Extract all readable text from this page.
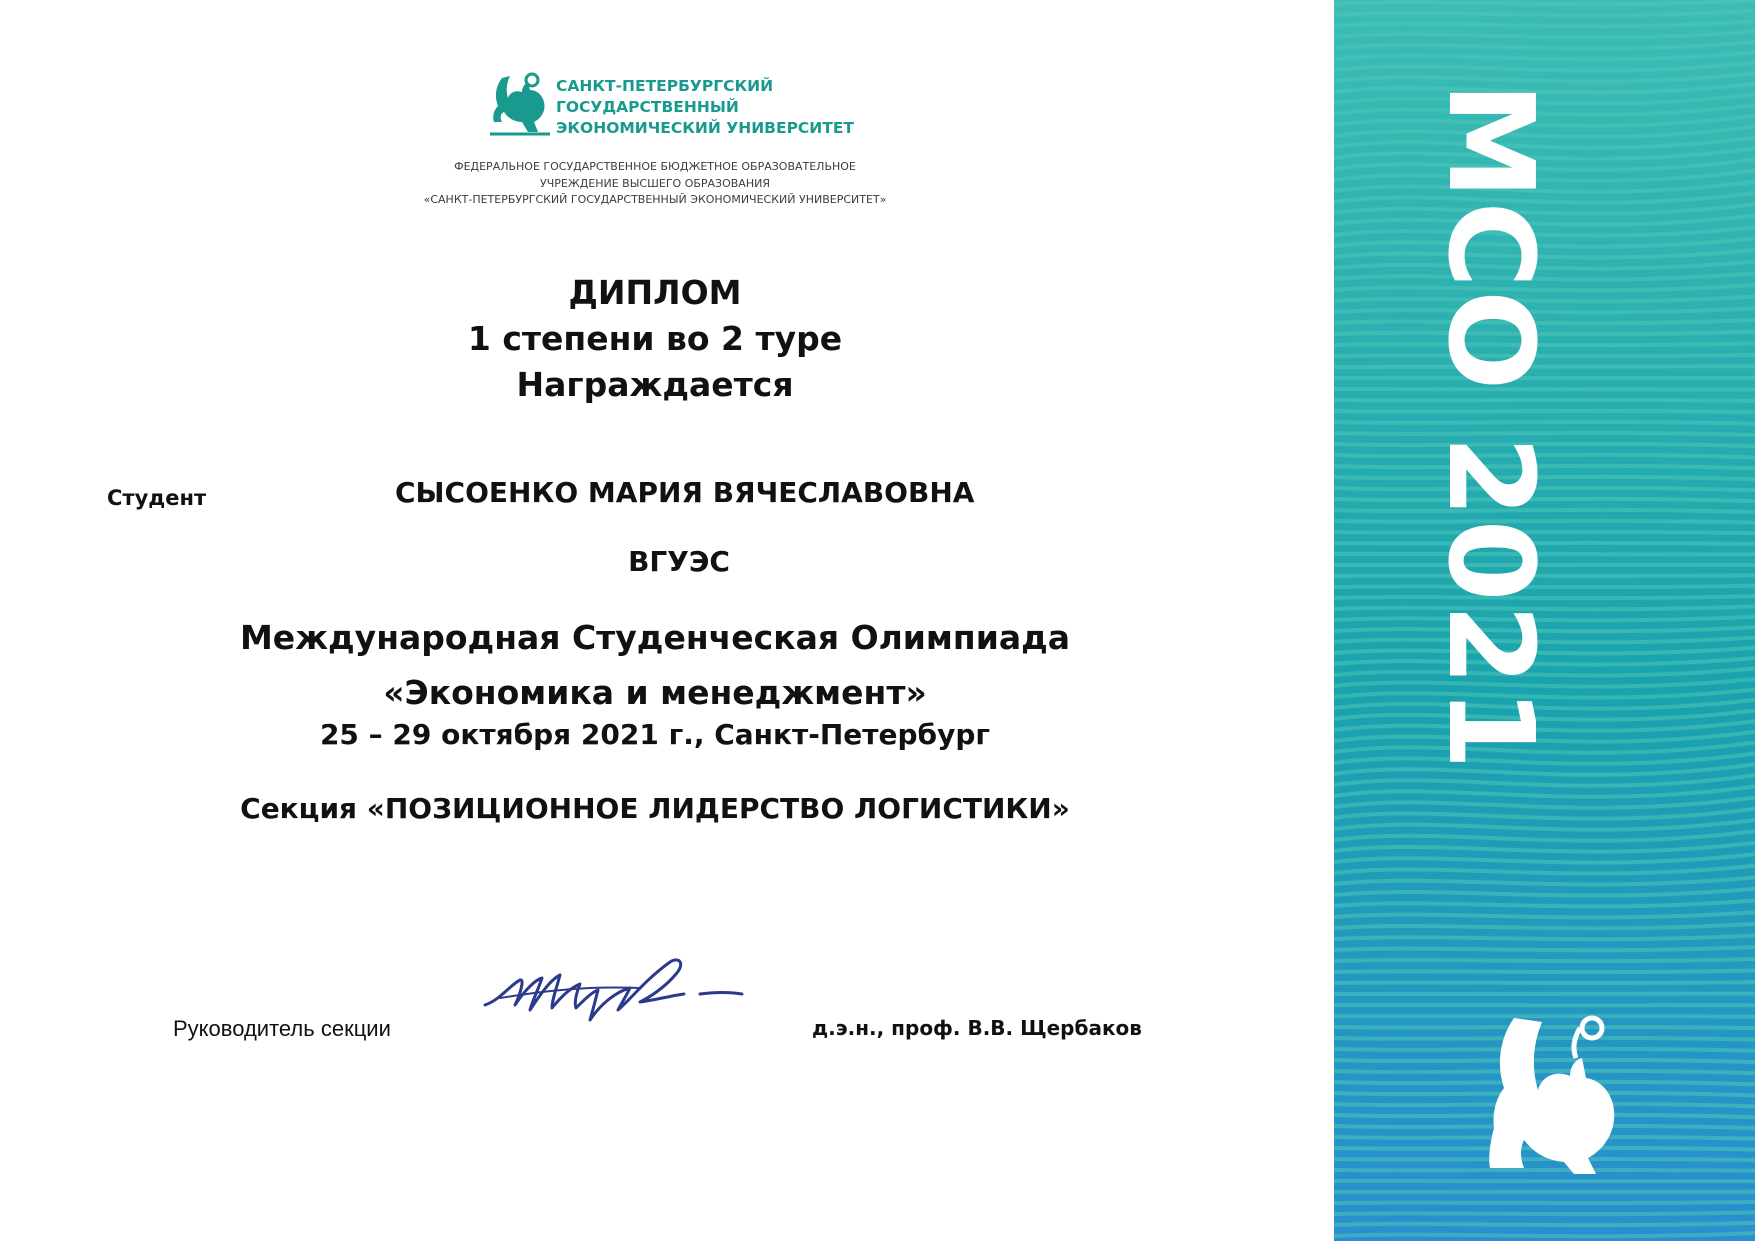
САНКТ-ПЕТЕРБУРГСКИЙ
ГОСУДАРСТВЕННЫЙ
ЭКОНОМИЧЕСКИЙ УНИВЕРСИТЕТ
ФЕДЕРАЛЬНОЕ ГОСУДАРСТВЕННОЕ БЮДЖЕТНОЕ ОБРАЗОВАТЕЛЬНОЕ
УЧРЕЖДЕНИЕ ВЫСШЕГО ОБРАЗОВАНИЯ
«САНКТ-ПЕТЕРБУРГСКИЙ ГОСУДАРСТВЕННЫЙ ЭКОНОМИЧЕСКИЙ УНИВЕРСИТЕТ»
ДИПЛОМ
1 степени во 2 туре
Награждается
Студент	СЫСОЕНКО МАРИЯ ВЯЧЕСЛАВОВНА
ВГУЭС
Международная Студенческая Олимпиада
«Экономика и менеджмент»
25 – 29 октября 2021 г., Санкт-Петербург
Секция «ПОЗИЦИОННОЕ ЛИДЕРСТВО ЛОГИСТИКИ»
Руководитель секции	д.э.н., проф. В.В. Щербаков
МСО 2021
